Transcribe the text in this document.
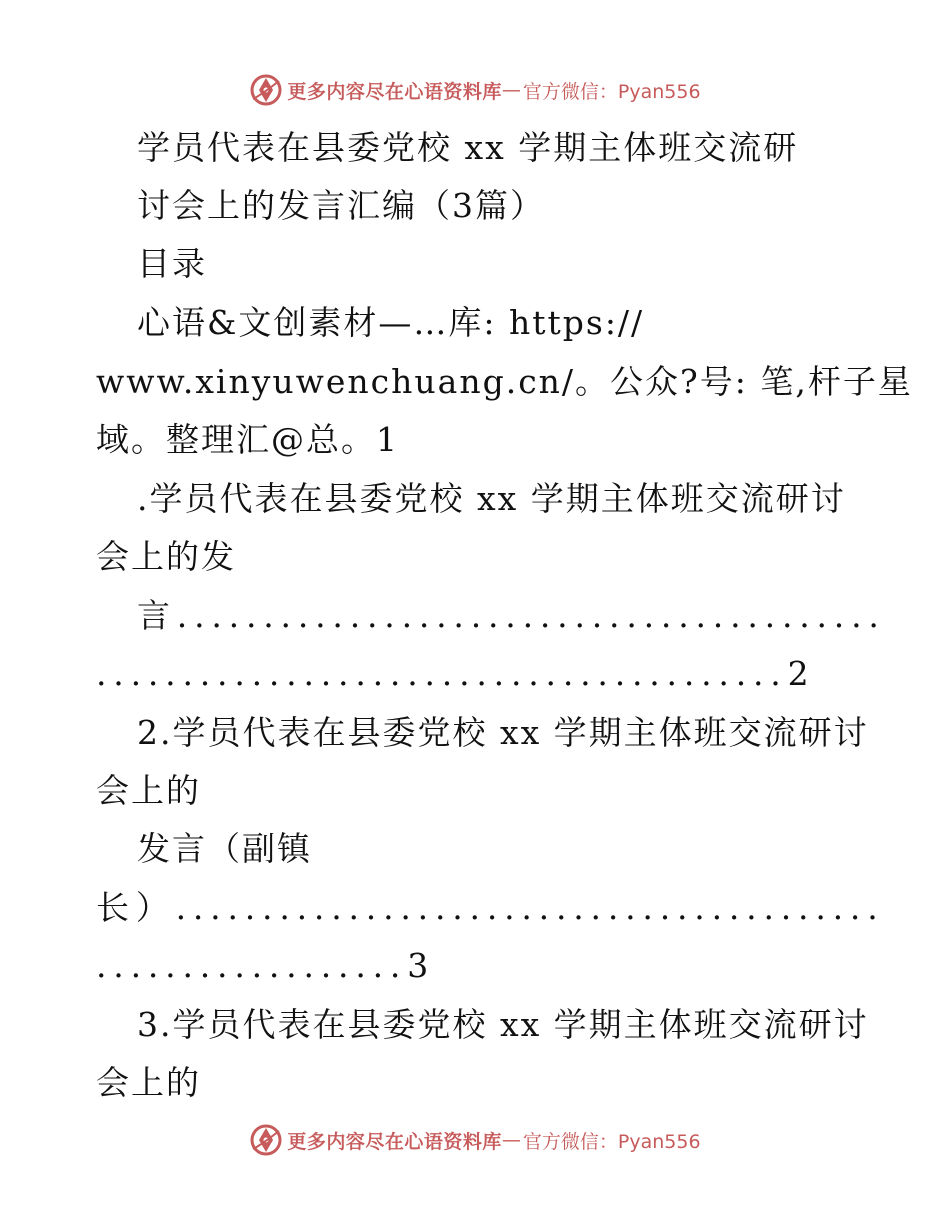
更多内容尽在心语资料库 — 官方微信：Pyan556
学员代表在县委党校 xx 学期主体班交流研
讨会上的发言汇编（3篇）
目录
心语&文创素材—…库: https://
www.xinyuwenchuang.cn/。公众?号: 笔,杆子星
域。整理汇@总。1
.学员代表在县委党校 xx 学期主体班交流研讨
会上的发
言.........................................
........................................2
2.学员代表在县委党校 xx 学期主体班交流研讨
会上的
发言（副镇
长）.........................................
..................3
3.学员代表在县委党校 xx 学期主体班交流研讨
会上的
更多内容尽在心语资料库 — 官方微信：Pyan556
